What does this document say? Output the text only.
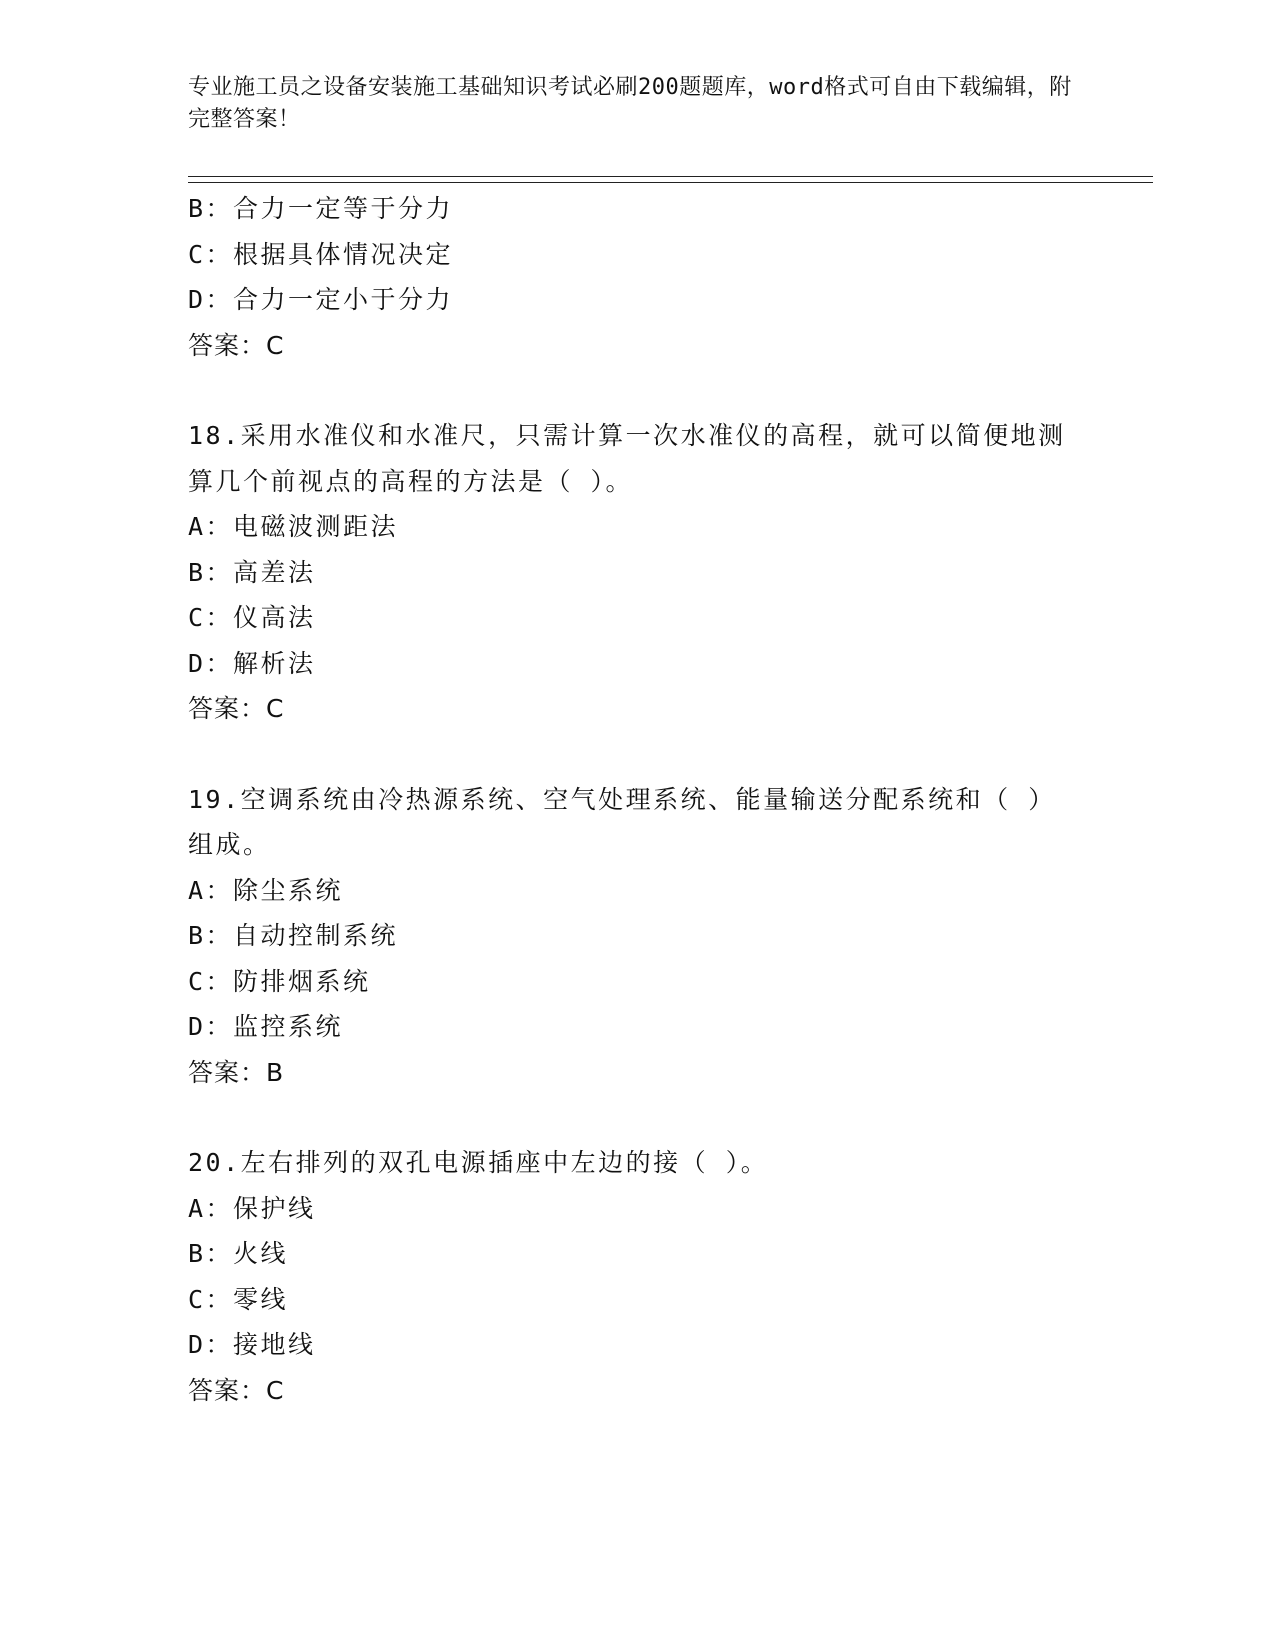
专业施工员之设备安装施工基础知识考试必刷200题题库，word格式可自由下载编辑，附完整答案！
B：合力一定等于分力
C：根据具体情况决定
D：合力一定小于分力
答案：C
18.采用水准仪和水准尺，只需计算一次水准仪的高程，就可以简便地测算几个前视点的高程的方法是（ ）。
A：电磁波测距法
B：高差法
C：仪高法
D：解析法
答案：C
19.空调系统由冷热源系统、空气处理系统、能量输送分配系统和（ ）组成。
A：除尘系统
B：自动控制系统
C：防排烟系统
D：监控系统
答案：B
20.左右排列的双孔电源插座中左边的接（ ）。
A：保护线
B：火线
C：零线
D：接地线
答案：C
